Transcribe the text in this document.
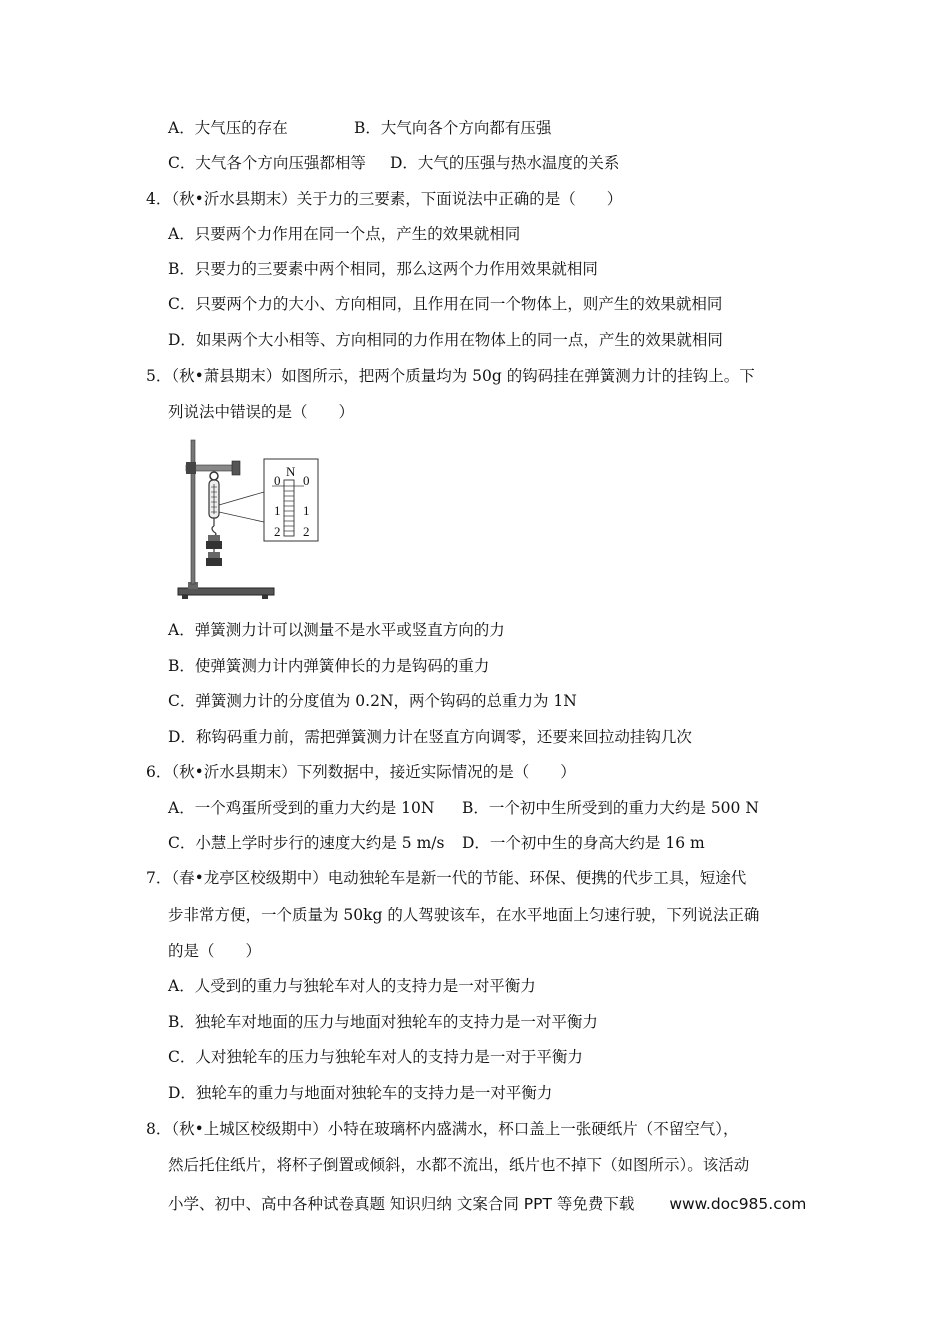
A．大气压的存在	B．大气向各个方向都有压强
C．大气各个方向压强都相等	D．大气的压强与热水温度的关系
4．（秋•沂水县期末）关于力的三要素，下面说法中正确的是（　　）
A．只要两个力作用在同一个点，产生的效果就相同
B．只要力的三要素中两个相同，那么这两个力作用效果就相同
C．只要两个力的大小、方向相同，且作用在同一个物体上，则产生的效果就相同
D．如果两个大小相等、方向相同的力作用在物体上的同一点，产生的效果就相同
5．（秋•萧县期末）如图所示，把两个质量均为 50g 的钩码挂在弹簧测力计的挂钩上。下
列说法中错误的是（　　）
N
0 0
1 1
2 2
A．弹簧测力计可以测量不是水平或竖直方向的力
B．使弹簧测力计内弹簧伸长的力是钩码的重力
C．弹簧测力计的分度值为 0.2N，两个钩码的总重力为 1N
D．称钩码重力前，需把弹簧测力计在竖直方向调零，还要来回拉动挂钩几次
6．（秋•沂水县期末）下列数据中，接近实际情况的是（　　）
A．一个鸡蛋所受到的重力大约是 10N	B．一个初中生所受到的重力大约是 500 N
C．小慧上学时步行的速度大约是 5 m/s	D．一个初中生的身高大约是 16 m
7．（春•龙亭区校级期中）电动独轮车是新一代的节能、环保、便携的代步工具，短途代
步非常方便，一个质量为 50kg 的人驾驶该车，在水平地面上匀速行驶，下列说法正确
的是（　　）
A．人受到的重力与独轮车对人的支持力是一对平衡力
B．独轮车对地面的压力与地面对独轮车的支持力是一对平衡力
C．人对独轮车的压力与独轮车对人的支持力是一对于平衡力
D．独轮车的重力与地面对独轮车的支持力是一对平衡力
8．（秋•上城区校级期中）小特在玻璃杯内盛满水，杯口盖上一张硬纸片（不留空气），
然后托住纸片，将杯子倒置或倾斜，水都不流出，纸片也不掉下（如图所示）。该活动
小学、初中、高中各种试卷真题 知识归纳 文案合同 PPT 等免费下载 www.doc985.com
